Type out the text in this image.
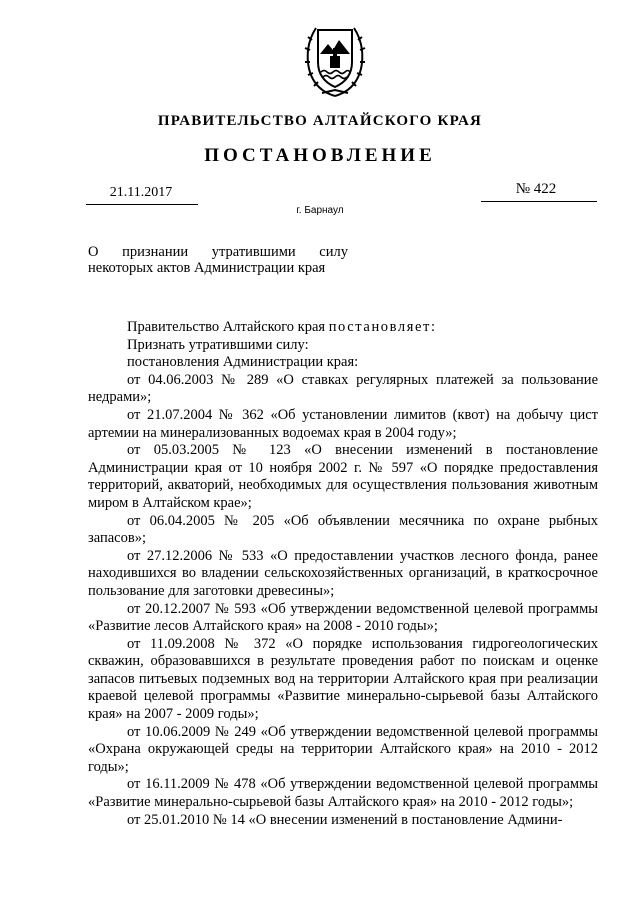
ПРАВИТЕЛЬСТВО АЛТАЙСКОГО КРАЯ
ПОСТАНОВЛЕНИЕ
21.11.2017	№ 422
г. Барнаул
О признании утратившими силу некоторых актов Администрации края

Правительство Алтайского края постановляет:

Признать утратившими силу:

постановления Администрации края:

от 04.06.2003 № 289 «О ставках регулярных платежей за пользование недрами»;

от 21.07.2004 № 362 «Об установлении лимитов (квот) на добычу цист артемии на минерализованных водоемах края в 2004 году»;

от 05.03.2005 № 123 «О внесении изменений в постановление Администрации края от 10 ноября 2002 г. № 597 «О порядке предоставления территорий, акваторий, необходимых для осуществления пользования животным миром в Алтайском крае»;

от 06.04.2005 № 205 «Об объявлении месячника по охране рыбных запасов»;

от 27.12.2006 № 533 «О предоставлении участков лесного фонда, ранее находившихся во владении сельскохозяйственных организаций, в краткосрочное пользование для заготовки древесины»;

от 20.12.2007 № 593 «Об утверждении ведомственной целевой программы «Развитие лесов Алтайского края» на 2008 - 2010 годы»;

от 11.09.2008 № 372 «О порядке использования гидрогеологических скважин, образовавшихся в результате проведения работ по поискам и оценке запасов питьевых подземных вод на территории Алтайского края при реализации краевой целевой программы «Развитие минерально-сырьевой базы Алтайского края» на 2007 - 2009 годы»;

от 10.06.2009 № 249 «Об утверждении ведомственной целевой программы «Охрана окружающей среды на территории Алтайского края» на 2010 - 2012 годы»;

от 16.11.2009 № 478 «Об утверждении ведомственной целевой программы «Развитие минерально-сырьевой базы Алтайского края» на 2010 - 2012 годы»;

от 25.01.2010 № 14 «О внесении изменений в постановление Админи-
